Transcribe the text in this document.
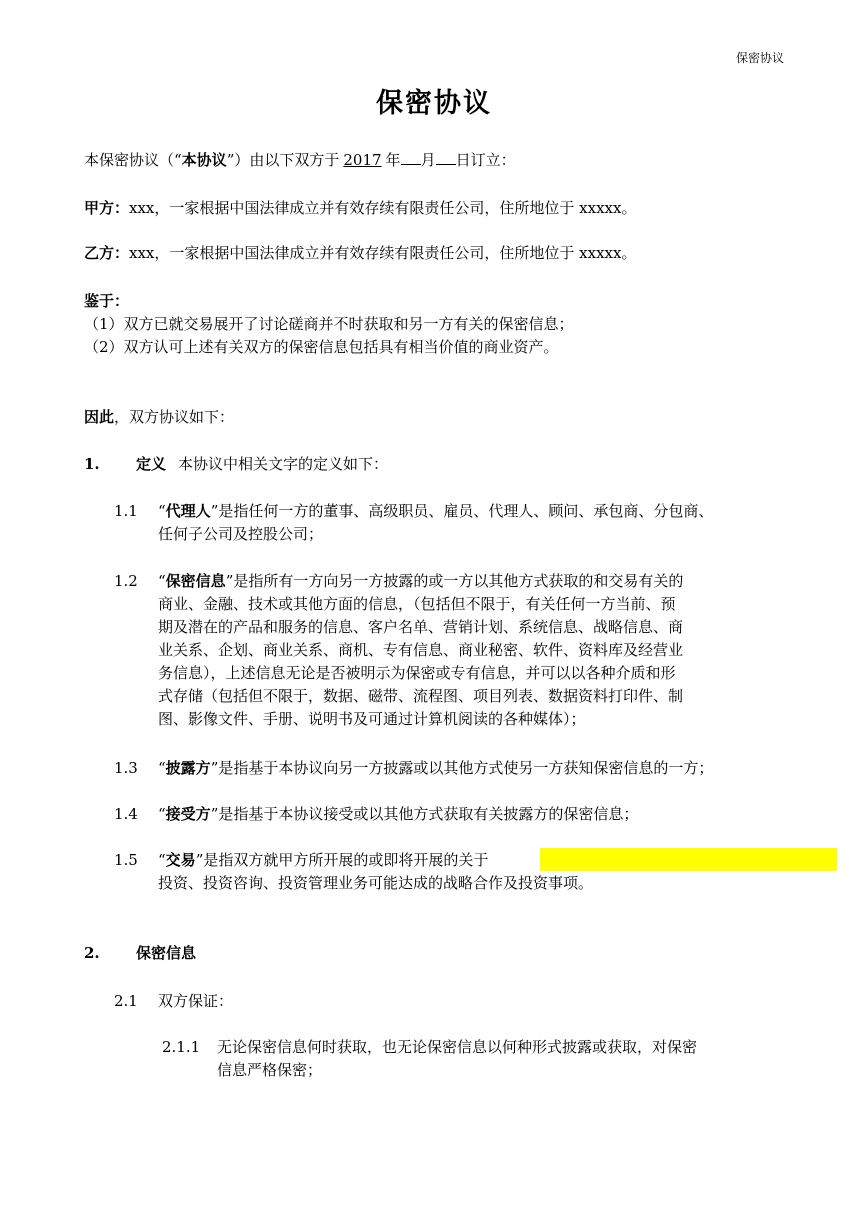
保密协议
保密协议
本保密协议（“本协议”）由以下双方于 2017 年 月 日订立：
甲方：xxx，一家根据中国法律成立并有效存续有限责任公司，住所地位于 xxxxx。
乙方：xxx，一家根据中国法律成立并有效存续有限责任公司，住所地位于 xxxxx。
鉴于：
（1）双方已就交易展开了讨论磋商并不时获取和另一方有关的保密信息；
（2）双方认可上述有关双方的保密信息包括具有相当价值的商业资产。
因此，双方协议如下：
1. 定义 本协议中相关文字的定义如下：
1.1 “代理人”是指任何一方的董事、高级职员、雇员、代理人、顾问、承包商、分包商、
任何子公司及控股公司；
1.2 “保密信息”是指所有一方向另一方披露的或一方以其他方式获取的和交易有关的
商业、金融、技术或其他方面的信息，（包括但不限于，有关任何一方当前、预
期及潜在的产品和服务的信息、客户名单、营销计划、系统信息、战略信息、商
业关系、企划、商业关系、商机、专有信息、商业秘密、软件、资料库及经营业
务信息），上述信息无论是否被明示为保密或专有信息，并可以以各种介质和形
式存储（包括但不限于，数据、磁带、流程图、项目列表、数据资料打印件、制
图、影像文件、手册、说明书及可通过计算机阅读的各种媒体）；
1.3 “披露方”是指基于本协议向另一方披露或以其他方式使另一方获知保密信息的一方；
1.4 “接受方”是指基于本协议接受或以其他方式获取有关披露方的保密信息；
1.5 “交易”是指双方就甲方所开展的或即将开展的关于
投资、投资咨询、投资管理业务可能达成的战略合作及投资事项。
2. 保密信息
2.1 双方保证：
2.1.1 无论保密信息何时获取，也无论保密信息以何种形式披露或获取，对保密
信息严格保密；
